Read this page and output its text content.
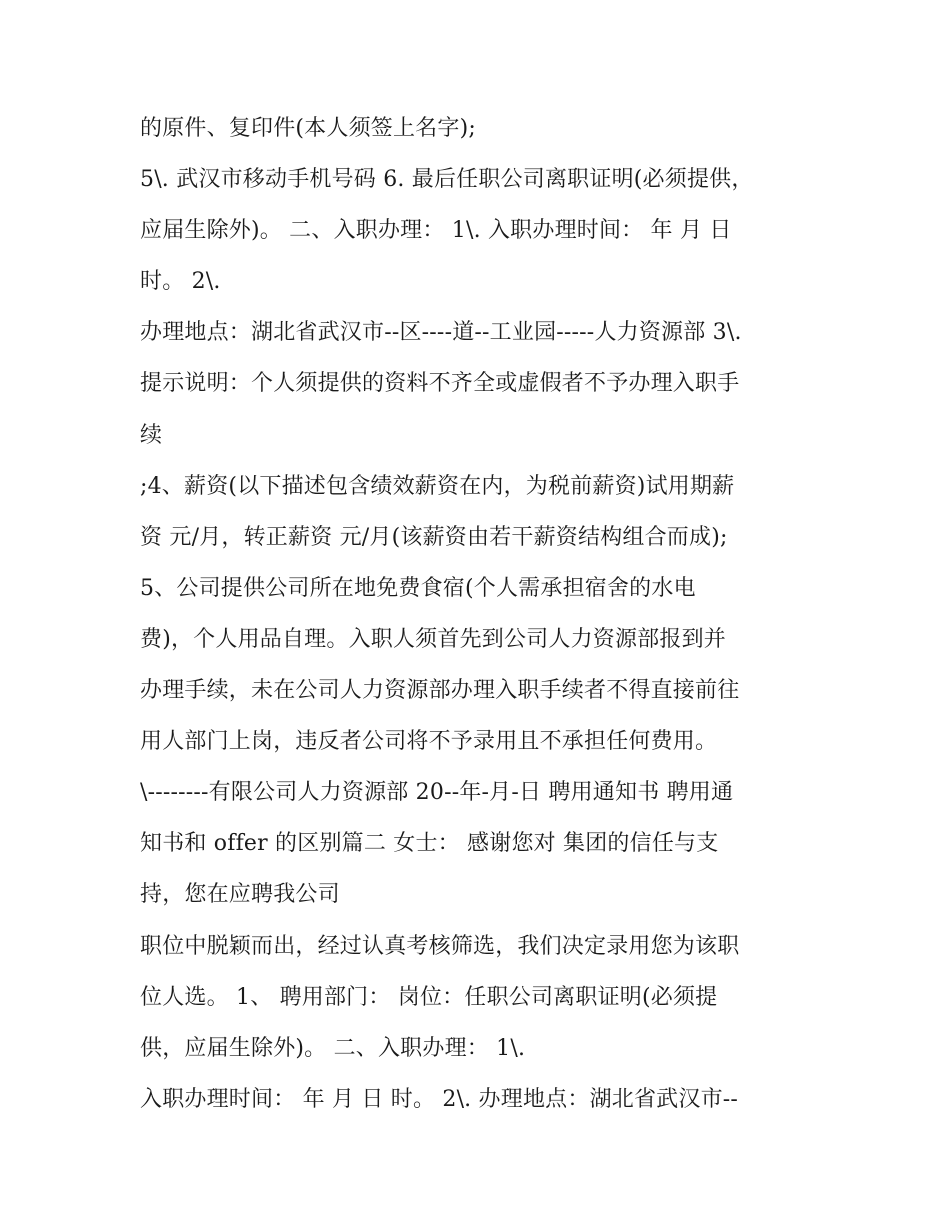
的原件、复印件(本人须签上名字);
5\. 武汉市移动手机号码 6. 最后任职公司离职证明(必须提供，
应届生除外)。 二、入职办理： 1\. 入职办理时间： 年 月 日
时。 2\.
办理地点：湖北省武汉市--区----道--工业园-----人力资源部 3\.
提示说明：个人须提供的资料不齐全或虚假者不予办理入职手
续
;4、薪资(以下描述包含绩效薪资在内，为税前薪资)试用期薪
资 元/月，转正薪资 元/月(该薪资由若干薪资结构组合而成);
5、公司提供公司所在地免费食宿(个人需承担宿舍的水电
费)，个人用品自理。入职人须首先到公司人力资源部报到并
办理手续，未在公司人力资源部办理入职手续者不得直接前往
用人部门上岗，违反者公司将不予录用且不承担任何费用。
\--------有限公司人力资源部 20--年-月-日 聘用通知书 聘用通
知书和 offer 的区别篇二 女士： 感谢您对 集团的信任与支
持，您在应聘我公司
职位中脱颖而出，经过认真考核筛选，我们决定录用您为该职
位人选。 1、 聘用部门： 岗位：任职公司离职证明(必须提
供，应届生除外)。 二、入职办理： 1\.
入职办理时间： 年 月 日 时。 2\. 办理地点：湖北省武汉市--
